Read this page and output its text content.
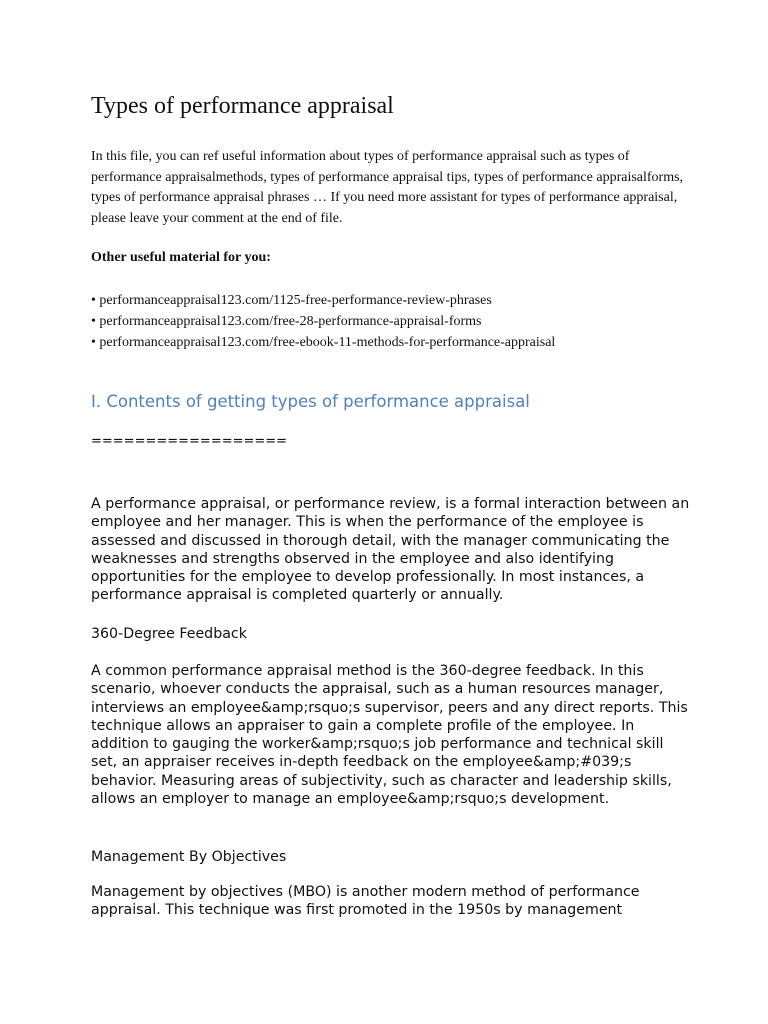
Types of performance appraisal

In this file, you can ref useful information about types of performance appraisal such as types of performance appraisalmethods, types of performance appraisal tips, types of performance appraisalforms, types of performance appraisal phrases … If you need more assistant for types of performance appraisal, please leave your comment at the end of file.

Other useful material for you:

• performanceappraisal123.com/1125-free-performance-review-phrases
• performanceappraisal123.com/free-28-performance-appraisal-forms
• performanceappraisal123.com/free-ebook-11-methods-for-performance-appraisal
I. Contents of getting types of performance appraisal

==================

A performance appraisal, or performance review, is a formal interaction between an employee and her manager. This is when the performance of the employee is assessed and discussed in thorough detail, with the manager communicating the weaknesses and strengths observed in the employee and also identifying opportunities for the employee to develop professionally. In most instances, a performance appraisal is completed quarterly or annually.

360-Degree Feedback

A common performance appraisal method is the 360-degree feedback. In this scenario, whoever conducts the appraisal, such as a human resources manager, interviews an employee&amp;rsquo;s supervisor, peers and any direct reports. This technique allows an appraiser to gain a complete profile of the employee. In addition to gauging the worker&amp;rsquo;s job performance and technical skill set, an appraiser receives in-depth feedback on the employee&amp;#039;s behavior. Measuring areas of subjectivity, such as character and leadership skills, allows an employer to manage an employee&amp;rsquo;s development.

Management By Objectives

Management by objectives (MBO) is another modern method of performance appraisal. This technique was first promoted in the 1950s by management
